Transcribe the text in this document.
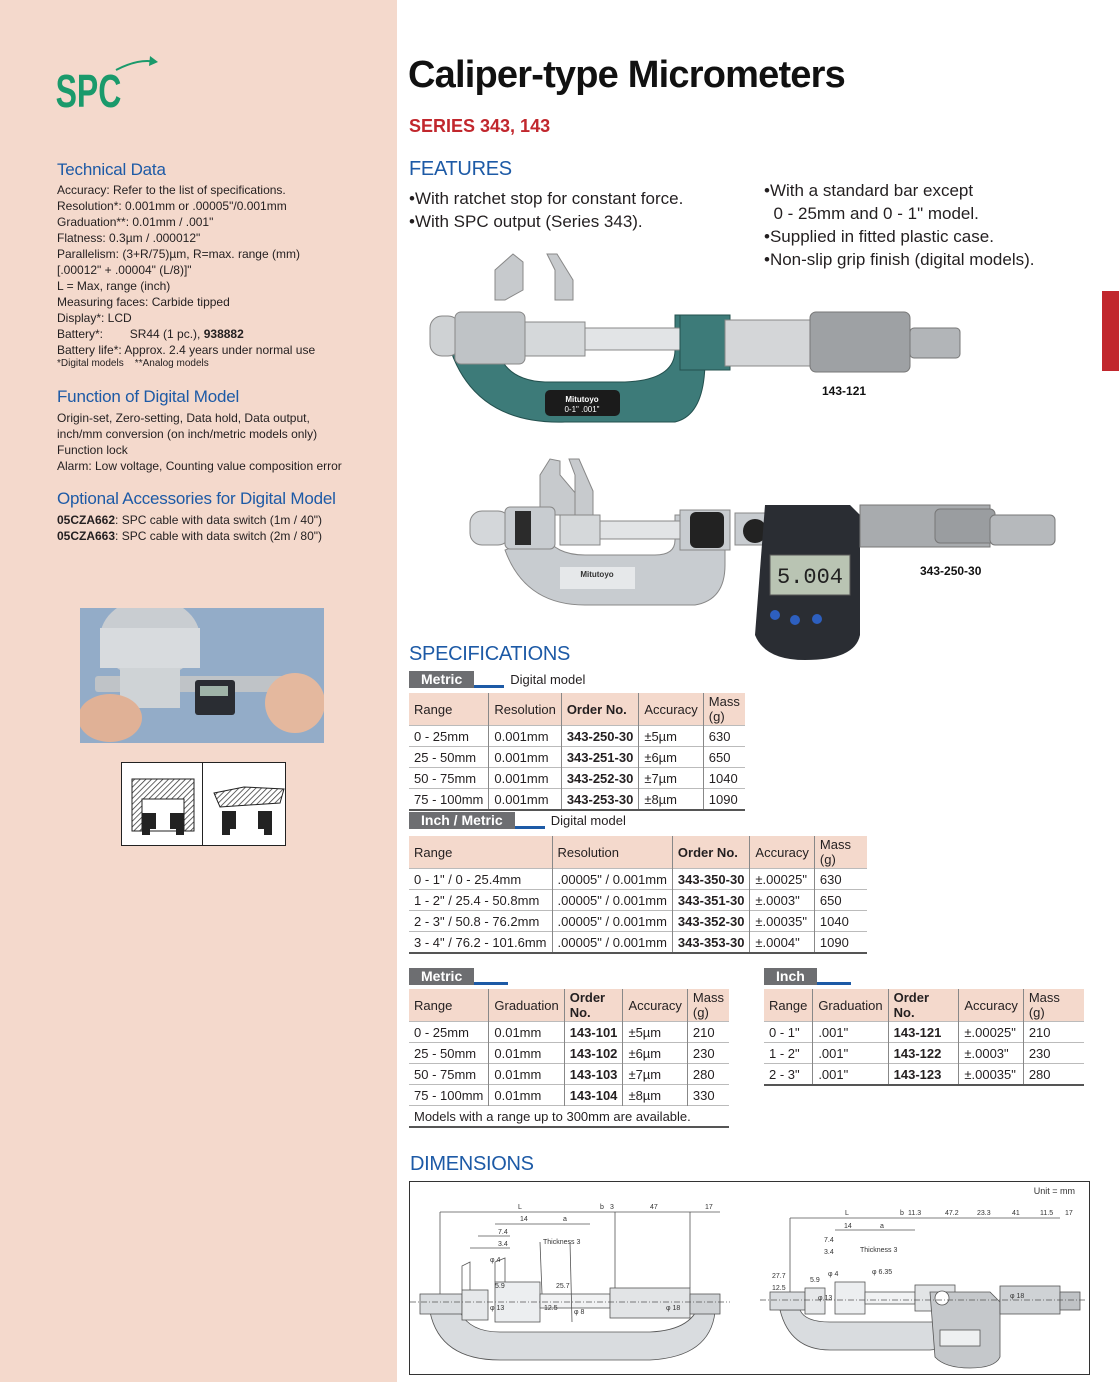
SPC
Technical Data
Accuracy: Refer to the list of specifications.
Resolution*: 0.001mm or .00005"/0.001mm
Graduation**: 0.01mm / .001"
Flatness: 0.3µm / .000012"
Parallelism: (3+R/75)µm, R=max. range (mm)
[.00012" + .00004" (L/8)]"
L = Max, range (inch)
Measuring faces: Carbide tipped
Display*: LCD
Battery*:        SR44 (1 pc.), 938882
Battery life*: Approx. 2.4 years under normal use
*Digital models    **Analog models
Function of Digital Model
Origin-set, Zero-setting, Data hold, Data output,
inch/mm conversion (on inch/metric models only)
Function lock
Alarm: Low voltage, Counting value composition error
Optional Accessories for Digital Model
05CZA662: SPC cable with data switch (1m / 40")
05CZA663: SPC cable with data switch (2m / 80")
Caliper-type Micrometers
SERIES 343, 143
FEATURES
•With ratchet stop for constant force.
•With SPC output (Series 343).
•With a standard bar except
0 - 25mm and 0 - 1" model.
•Supplied in fitted plastic case.
•Non-slip grip finish (digital models).
Mitutoyo
0-1" .001"
143-121
5.004
Mitutoyo	343-250-30
SPECIFICATIONS
Metric	Digital model
Range	Resolution	Order No.	Accuracy	Mass (g)
0 - 25mm	0.001mm	343-250-30	±5µm	630
25 - 50mm	0.001mm	343-251-30	±6µm	650
50 - 75mm	0.001mm	343-252-30	±7µm	1040
75 - 100mm	0.001mm	343-253-30	±8µm	1090
Inch / Metric	Digital model
Range	Resolution	Order No.	Accuracy	Mass (g)
0 - 1" / 0 - 25.4mm	.00005" / 0.001mm	343-350-30	±.00025"	630
1 - 2" / 25.4 - 50.8mm	.00005" / 0.001mm	343-351-30	±.0003"	650
2 - 3" / 50.8 - 76.2mm	.00005" / 0.001mm	343-352-30	±.00035"	1040
3 - 4" / 76.2 - 101.6mm	.00005" / 0.001mm	343-353-30	±.0004"	1090
Metric
Range	Graduation	Order No.	Accuracy	Mass (g)
0 - 25mm	0.01mm	143-101	±5µm	210
25 - 50mm	0.01mm	143-102	±6µm	230
50 - 75mm	0.01mm	143-103	±7µm	280
75 - 100mm	0.01mm	143-104	±8µm	330
Models with a range up to 300mm are available.				
Inch
Range	Graduation	Order No.	Accuracy	Mass (g)
0 - 1"	.001"	143-121	±.00025"	210
1 - 2"	.001"	143-122	±.0003"	230
2 - 3"	.001"	143-123	±.00035"	280
DIMENSIONS
Unit = mm
L
a
b 3	47	17
14
7.4
3.4	Thickness 3
φ 4
5.9
φ 13	12.5
25.7
φ 8
φ 18
L
a
b 11.3	47.2	23.3	41	11.5 17
14
7.4
3.4	Thickness 3
27.7
12.5
5.9
φ 4	φ 6.35
φ 13	φ 18
